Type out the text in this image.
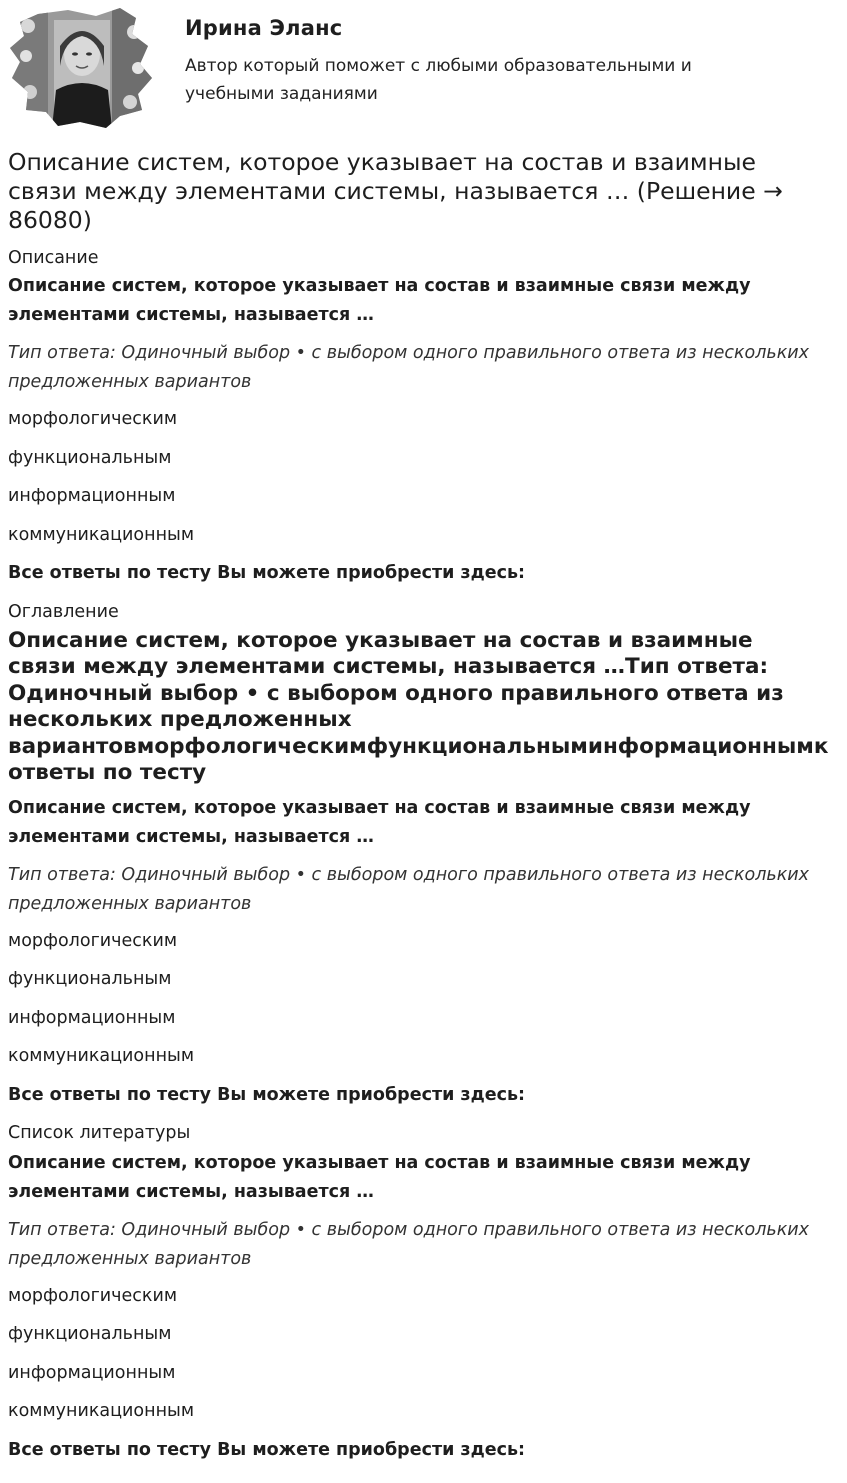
Ирина Эланс
Автор который поможет с любыми образовательными и учебными заданиями
Описание систем, которое указывает на состав и взаимные связи между элементами системы, называется … (Решение → 86080)
Описание
Описание систем, которое указывает на состав и взаимные связи между элементами системы, называется …
Тип ответа: Одиночный выбор • с выбором одного правильного ответа из нескольких предложенных вариантов
морфологическим
функциональным
информационным
коммуникационным
Все ответы по тесту Вы можете приобрести здесь:
Оглавление
Описание систем, которое указывает на состав и взаимные
связи между элементами системы, называется …Тип ответа:
Одиночный выбор • с выбором одного правильного ответа из
нескольких предложенных
вариантовморфологическимфункциональныминформационнымк
ответы по тесту
Описание систем, которое указывает на состав и взаимные связи между элементами системы, называется …
Тип ответа: Одиночный выбор • с выбором одного правильного ответа из нескольких предложенных вариантов
морфологическим
функциональным
информационным
коммуникационным
Все ответы по тесту Вы можете приобрести здесь:
Список литературы
Описание систем, которое указывает на состав и взаимные связи между элементами системы, называется …
Тип ответа: Одиночный выбор • с выбором одного правильного ответа из нескольких предложенных вариантов
морфологическим
функциональным
информационным
коммуникационным
Все ответы по тесту Вы можете приобрести здесь:
